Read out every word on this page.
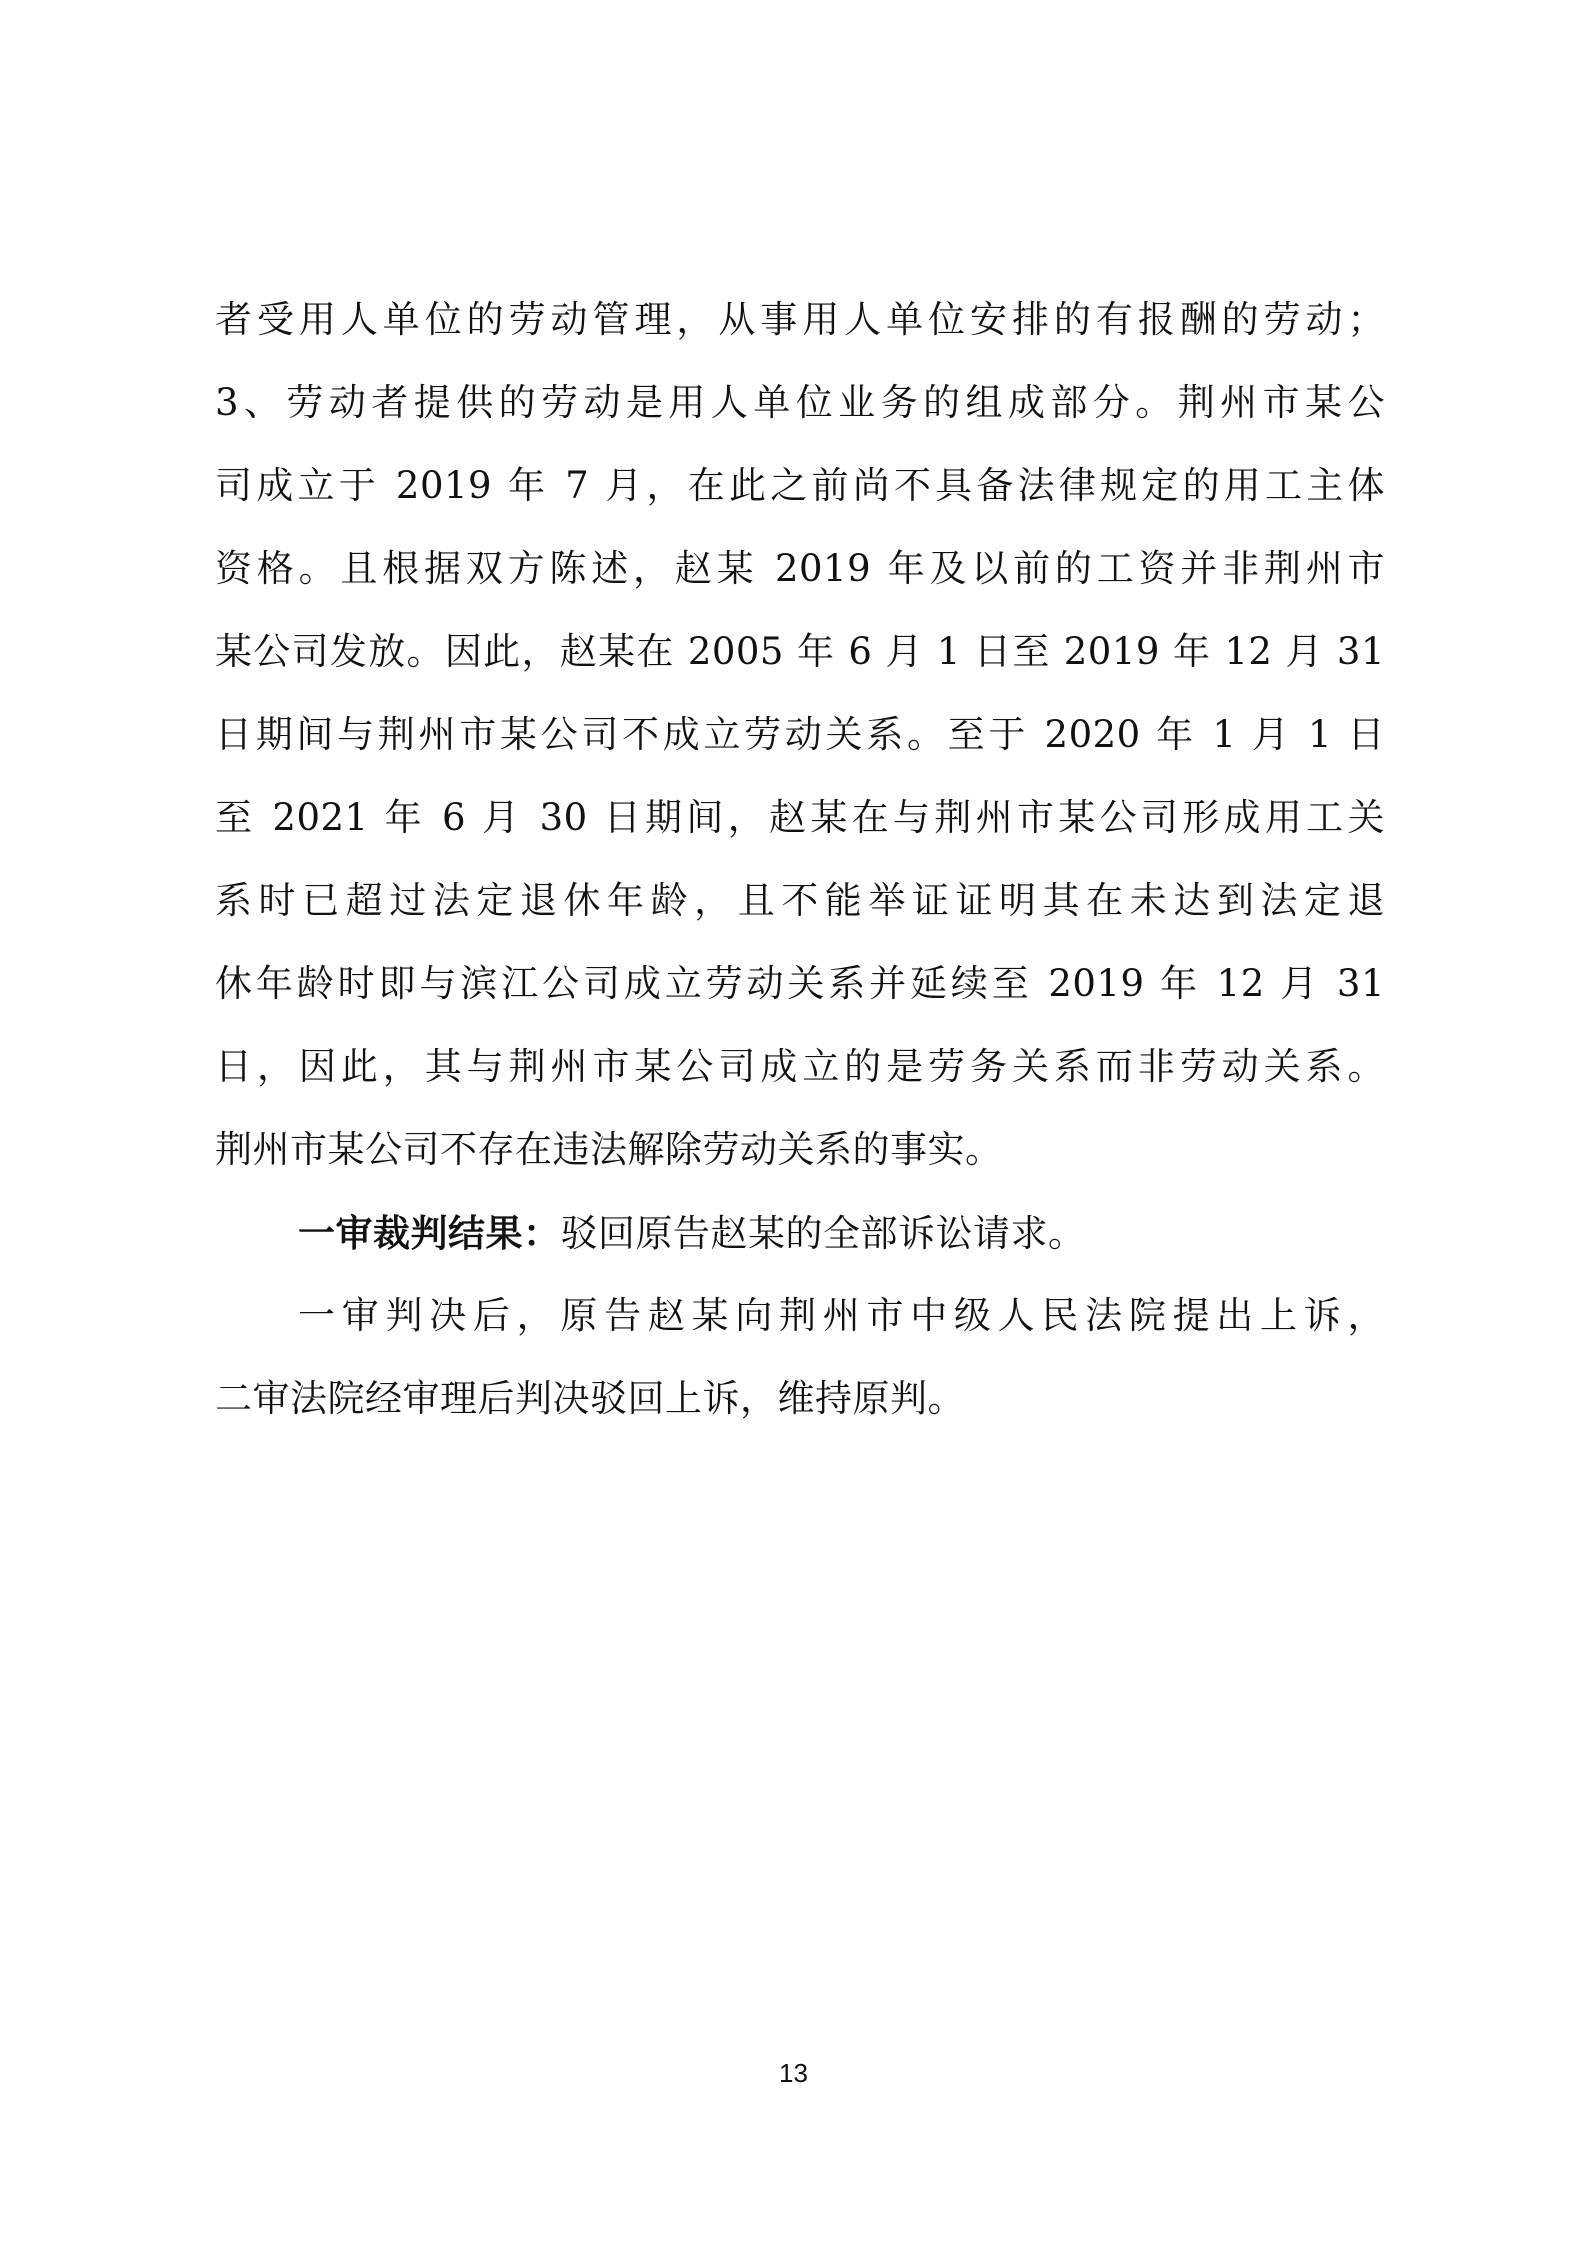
者受用人单位的劳动管理，从事用人单位安排的有报酬的劳动；
3、劳动者提供的劳动是用人单位业务的组成部分。荆州市某公
司成立于 2019 年 7 月，在此之前尚不具备法律规定的用工主体
资格。且根据双方陈述，赵某 2019 年及以前的工资并非荆州市
某公司发放。因此，赵某在 2005 年 6 月 1 日至 2019 年 12 月 31
日期间与荆州市某公司不成立劳动关系。至于 2020 年 1 月 1 日
至 2021 年 6 月 30 日期间，赵某在与荆州市某公司形成用工关
系时已超过法定退休年龄，且不能举证证明其在未达到法定退
休年龄时即与滨江公司成立劳动关系并延续至 2019 年 12 月 31
日，因此，其与荆州市某公司成立的是劳务关系而非劳动关系。
荆州市某公司不存在违法解除劳动关系的事实。
一审裁判结果：驳回原告赵某的全部诉讼请求。
一审判决后，原告赵某向荆州市中级人民法院提出上诉，
二审法院经审理后判决驳回上诉，维持原判。
13
